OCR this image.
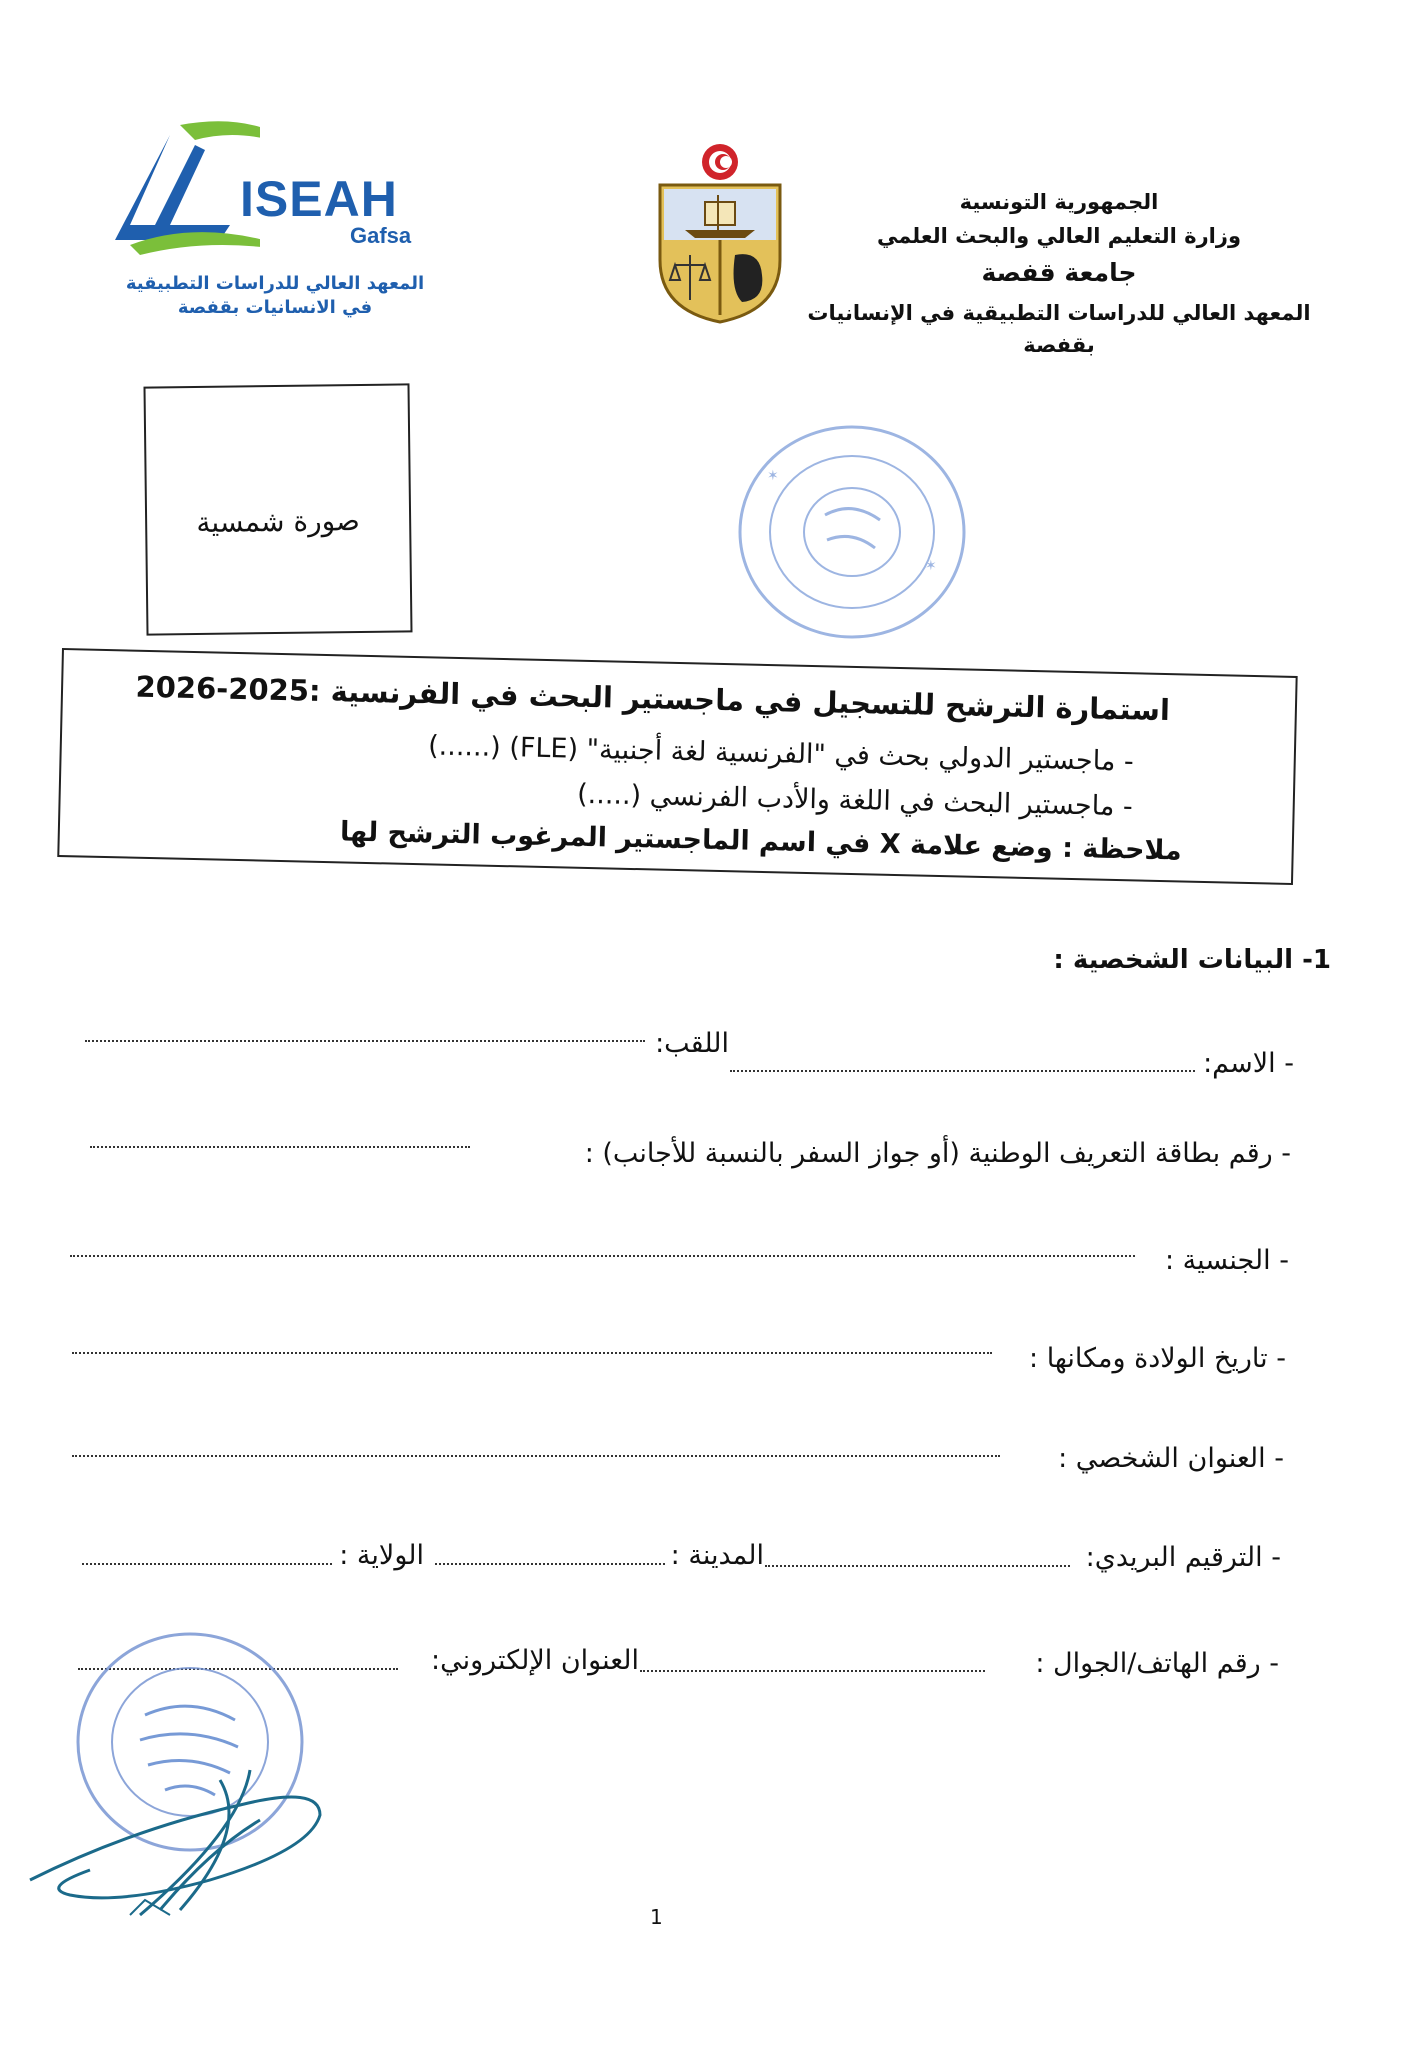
ISEAH
Gafsa
المعهد العالي للدراسات التطبيقية
في الانسانيات بقفصة
الجمهورية التونسية
وزارة التعليم العالي والبحث العلمي
جامعة قفصة
المعهد العالي للدراسات التطبيقية في الإنسانيات
بقفصة
صورة شمسية
✶
✶
استمارة الترشح للتسجيل في ماجستير البحث في الفرنسية :2025-2026
- ماجستير الدولي بحث في "الفرنسية لغة أجنبية" (FLE) (......)
- ماجستير البحث في اللغة والأدب الفرنسي (.....)
ملاحظة : وضع علامة X في اسم الماجستير المرغوب الترشح لها
1- البيانات الشخصية :
- الاسم:
اللقب:
- رقم بطاقة التعريف الوطنية (أو جواز السفر بالنسبة للأجانب) :
- الجنسية :
- تاريخ الولادة ومكانها :
- العنوان الشخصي :
- الترقيم البريدي:
المدينة :
الولاية :
- رقم الهاتف/الجوال :
العنوان الإلكتروني:
1
